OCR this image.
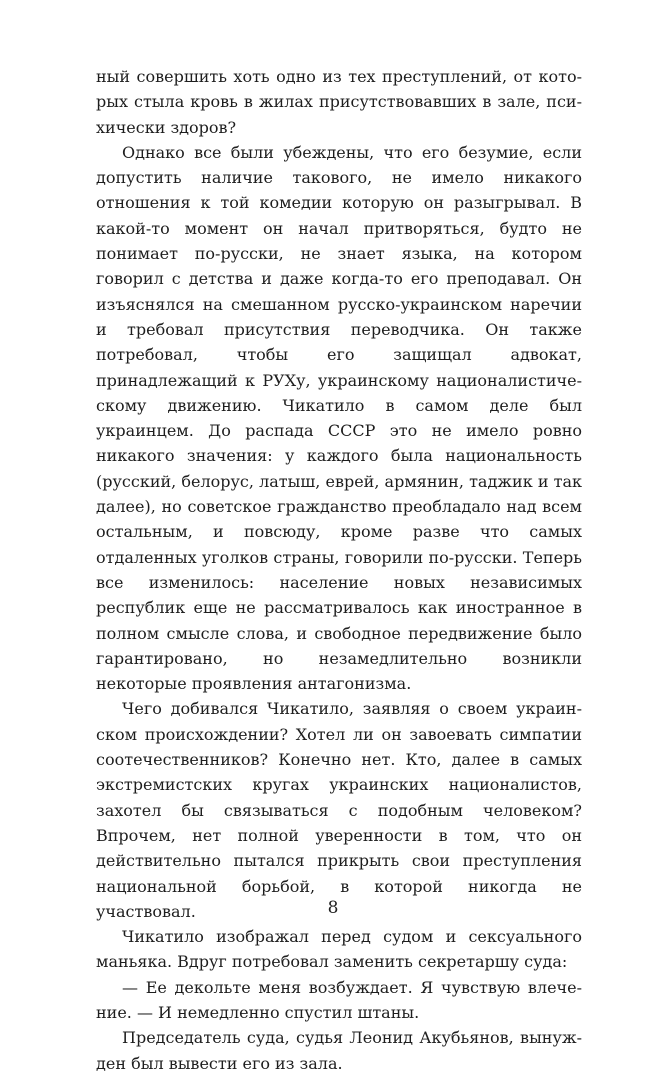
ный совершить хоть одно из тех преступлений, от которых стыла кровь в жилах присутствовавших в зале, психически здоров?

Однако все были убеждены, что его безумие, если допустить наличие такового, не имело никакого отношения к той комедии которую он разыгрывал. В какой-то момент он начал притворяться, будто не понимает по-русски, не знает языка, на котором говорил с детства и даже когда-то его преподавал. Он изъяснялся на смешанном русско-украинском наречии и требовал присутствия переводчика. Он также потребовал, чтобы его защищал адвокат, принадлежащий к РУХу, украинскому националистическому движению. Чикатило в самом деле был украинцем. До распада СССР это не имело ровно никакого значения: у каждого была национальность (русский, белорус, латыш, еврей, армянин, таджик и так далее), но советское гражданство преобладало над всем остальным, и повсюду, кроме разве что самых отдаленных уголков страны, говорили по-русски. Теперь все изменилось: население новых независимых республик еще не рассматривалось как иностранное в полном смысле слова, и свободное передвижение было гарантировано, но незамедлительно возникли некоторые проявления антагонизма.

Чего добивался Чикатило, заявляя о своем украинском происхождении? Хотел ли он завоевать симпатии соотечественников? Конечно нет. Кто, далее в самых экстремистских кругах украинских националистов, захотел бы связываться с подобным человеком? Впрочем, нет полной уверенности в том, что он действительно пытался прикрыть свои преступления национальной борьбой, в которой никогда не участвовал.

Чикатило изображал перед судом и сексуального маньяка. Вдруг потребовал заменить секретаршу суда:

— Ее декольте меня возбуждает. Я чувствую влечение. — И немедленно спустил штаны.

Председатель суда, судья Леонид Акубьянов, вынужден был вывести его из зала.

8
